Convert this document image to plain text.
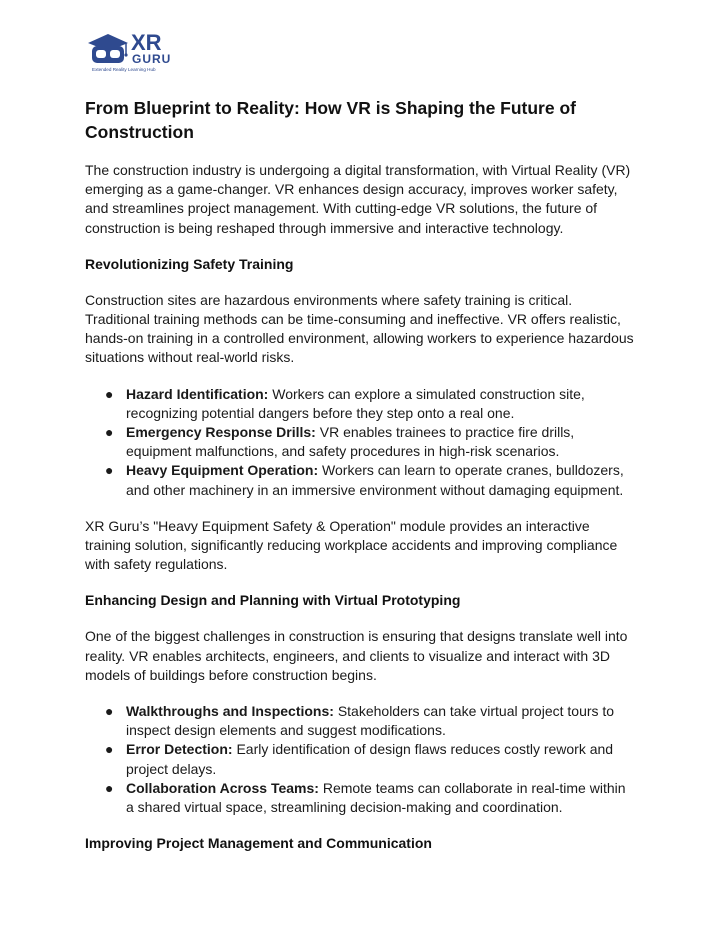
XR
GURU
Extended Reality Learning Hub
From Blueprint to Reality: How VR is Shaping the Future of Construction

The construction industry is undergoing a digital transformation, with Virtual Reality (VR) emerging as a game-changer. VR enhances design accuracy, improves worker safety, and streamlines project management. With cutting-edge VR solutions, the future of construction is being reshaped through immersive and interactive technology.

Revolutionizing Safety Training

Construction sites are hazardous environments where safety training is critical. Traditional training methods can be time-consuming and ineffective. VR offers realistic, hands-on training in a controlled environment, allowing workers to experience hazardous situations without real-world risks.

● Hazard Identification: Workers can explore a simulated construction site, recognizing potential dangers before they step onto a real one.
● Emergency Response Drills: VR enables trainees to practice fire drills, equipment malfunctions, and safety procedures in high-risk scenarios.
● Heavy Equipment Operation: Workers can learn to operate cranes, bulldozers, and other machinery in an immersive environment without damaging equipment.

XR Guru’s "Heavy Equipment Safety & Operation" module provides an interactive training solution, significantly reducing workplace accidents and improving compliance with safety regulations.

Enhancing Design and Planning with Virtual Prototyping

One of the biggest challenges in construction is ensuring that designs translate well into reality. VR enables architects, engineers, and clients to visualize and interact with 3D models of buildings before construction begins.

● Walkthroughs and Inspections: Stakeholders can take virtual project tours to inspect design elements and suggest modifications.
● Error Detection: Early identification of design flaws reduces costly rework and project delays.
● Collaboration Across Teams: Remote teams can collaborate in real-time within a shared virtual space, streamlining decision-making and coordination.
Improving Project Management and Communication
